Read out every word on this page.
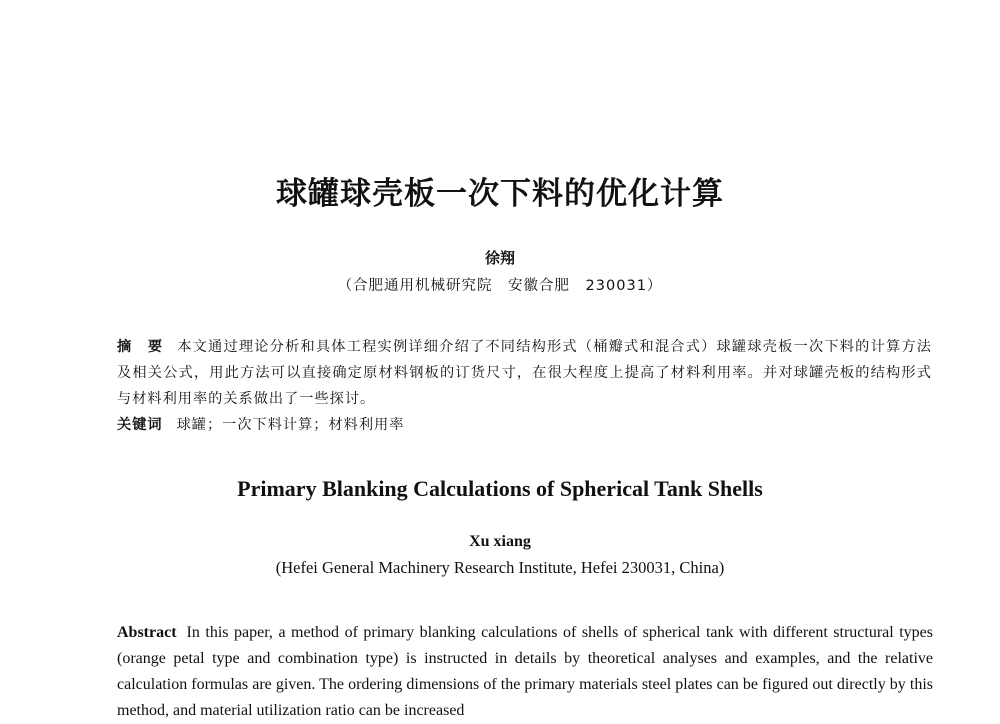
球罐球壳板一次下料的优化计算
徐翔
（合肥通用机械研究院　安徽合肥　230031）
摘　要 本文通过理论分析和具体工程实例详细介绍了不同结构形式（桶瓣式和混合式）球罐球壳板一次下料的计算方法及相关公式，用此方法可以直接确定原材料钢板的订货尺寸，在很大程度上提高了材料利用率。并对球罐壳板的结构形式与材料利用率的关系做出了一些探讨。
关键词 球罐；一次下料计算；材料利用率
Primary Blanking Calculations of Spherical Tank Shells
Xu xiang
(Hefei General Machinery Research Institute, Hefei 230031, China)
Abstract In this paper, a method of primary blanking calculations of shells of spherical tank with different structural types (orange petal type and combination type) is instructed in details by theoretical analyses and examples, and the relative calculation formulas are given. The ordering dimensions of the primary materials steel plates can be figured out directly by this method, and material utilization ratio can be increased
